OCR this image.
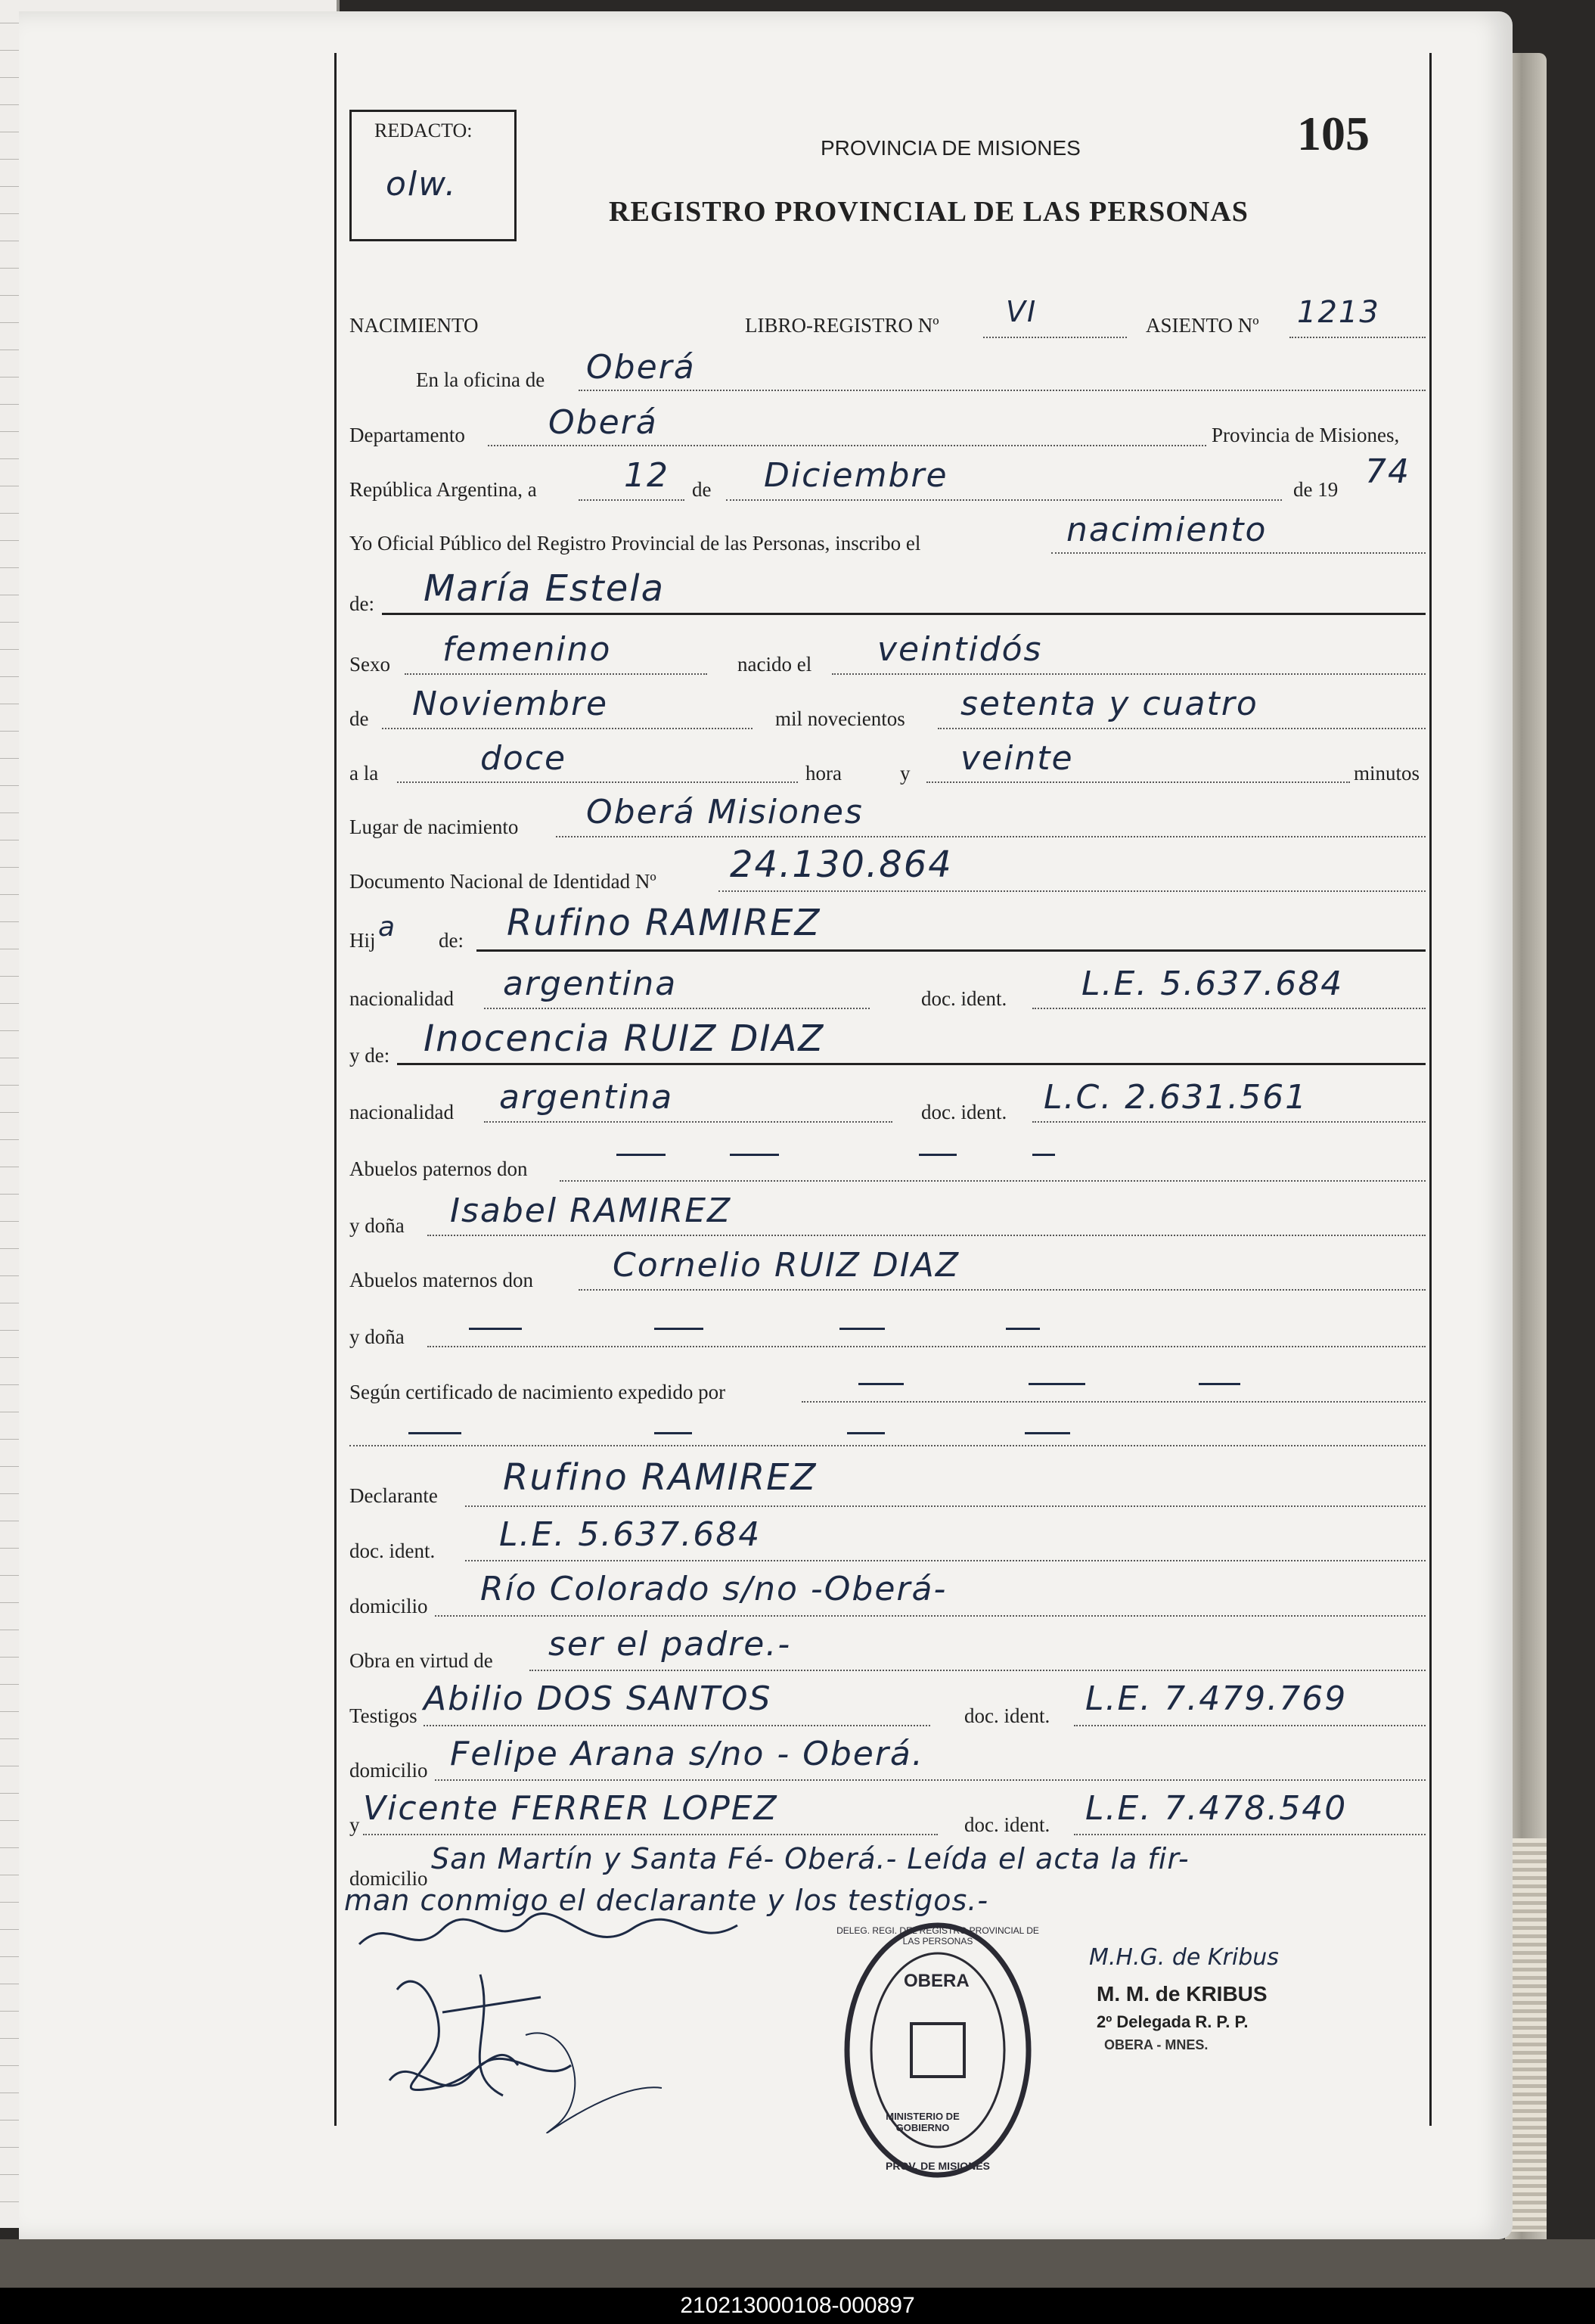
REDACTO:
olw.
PROVINCIA DE MISIONES
REGISTRO PROVINCIAL DE LAS PERSONAS
105
NACIMIENTO	LIBRO-REGISTRO Nº VI	ASIENTO Nº 1213
En la oficina de Oberá
Departamento	Oberá	Provincia de Misiones,
República Argentina, a	12 de Diciembre	de 19 74
Yo Oficial Público del Registro Provincial de las Personas, inscribo el	nacimiento
de: María Estela
Sexo femenino	nacido el veintidós
de Noviembre	mil novecientos setenta y cuatro
a la	doce	hora	y veinte	minutos
Lugar de nacimiento Oberá Misiones
Documento Nacional de Identidad Nº 24.130.864
Hij a de: Rufino RAMIREZ
nacionalidad argentina	doc. ident. L.E. 5.637.684
y de: Inocencia RUIZ DIAZ
nacionalidad argentina	doc. ident. L.C. 2.631.561
Abuelos paternos don
y doña Isabel RAMIREZ
Abuelos maternos don Cornelio RUIZ DIAZ
y doña
Según certificado de nacimiento expedido por
Declarante Rufino RAMIREZ
doc. ident. L.E. 5.637.684
domicilio Río Colorado s/no -Oberá-
Obra en virtud de ser el padre.-
Testigos Abilio DOS SANTOS	doc. ident. L.E. 7.479.769
domicilio Felipe Arana s/no - Oberá.
y Vicente FERRER LOPEZ	doc. ident. L.E. 7.478.540
domicilio
San Martín y Santa Fé- Oberá.- Leída el acta la fir-
man conmigo el declarante y los testigos.-
OBERA
MINISTERIO DE GOBIERNO
DELEG. REGI. DEL REGISTRO PROVINCIAL DE LAS PERSONAS
PROV. DE MISIONES
M.H.G. de Kribus
M. M. de KRIBUS
2º Delegada R. P. P.
OBERA - MNES.
210213000108-000897
